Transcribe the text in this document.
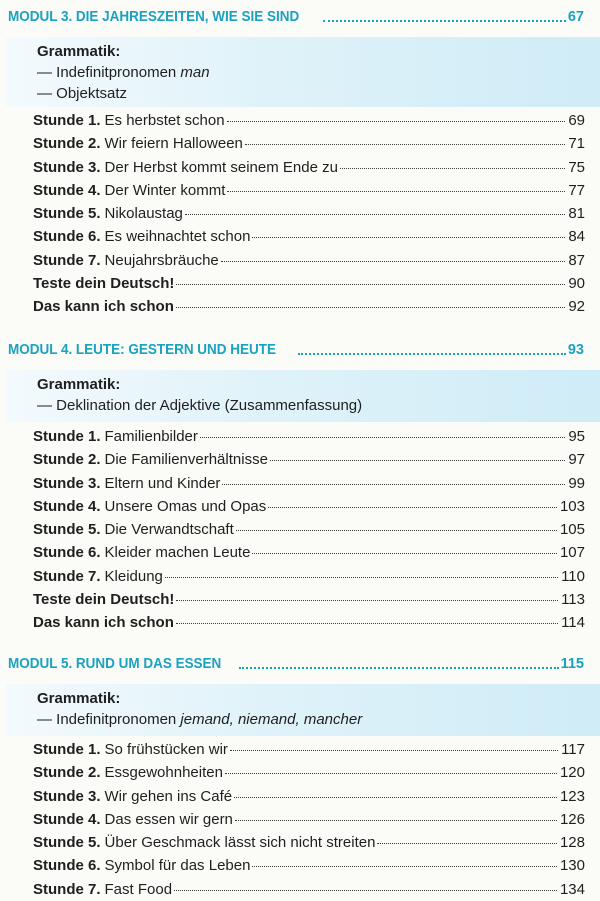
MODUL 3. DIE JAHRESZEITEN, WIE SIE SIND	67
Grammatik:
— Indefinitpronomen man
— Objektsatz
Stunde 1. Es herbstet schon	69
Stunde 2. Wir feiern Halloween	71
Stunde 3. Der Herbst kommt seinem Ende zu	75
Stunde 4. Der Winter kommt	77
Stunde 5. Nikolaustag	81
Stunde 6. Es weihnachtet schon	84
Stunde 7. Neujahrsbräuche	87
Teste dein Deutsch!	90
Das kann ich schon	92
MODUL 4. LEUTE: GESTERN UND HEUTE	93
Grammatik:
— Deklination der Adjektive (Zusammenfassung)
Stunde 1. Familienbilder	95
Stunde 2. Die Familienverhältnisse	97
Stunde 3. Eltern und Kinder	99
Stunde 4. Unsere Omas und Opas	103
Stunde 5. Die Verwandtschaft	105
Stunde 6. Kleider machen Leute	107
Stunde 7. Kleidung	110
Teste dein Deutsch!	113
Das kann ich schon	114
MODUL 5. RUND UM DAS ESSEN	115
Grammatik:
— Indefinitpronomen jemand, niemand, mancher
Stunde 1. So frühstücken wir	117
Stunde 2. Essgewohnheiten	120
Stunde 3. Wir gehen ins Café	123
Stunde 4. Das essen wir gern	126
Stunde 5. Über Geschmack lässt sich nicht streiten	128
Stunde 6. Symbol für das Leben	130
Stunde 7. Fast Food	134
